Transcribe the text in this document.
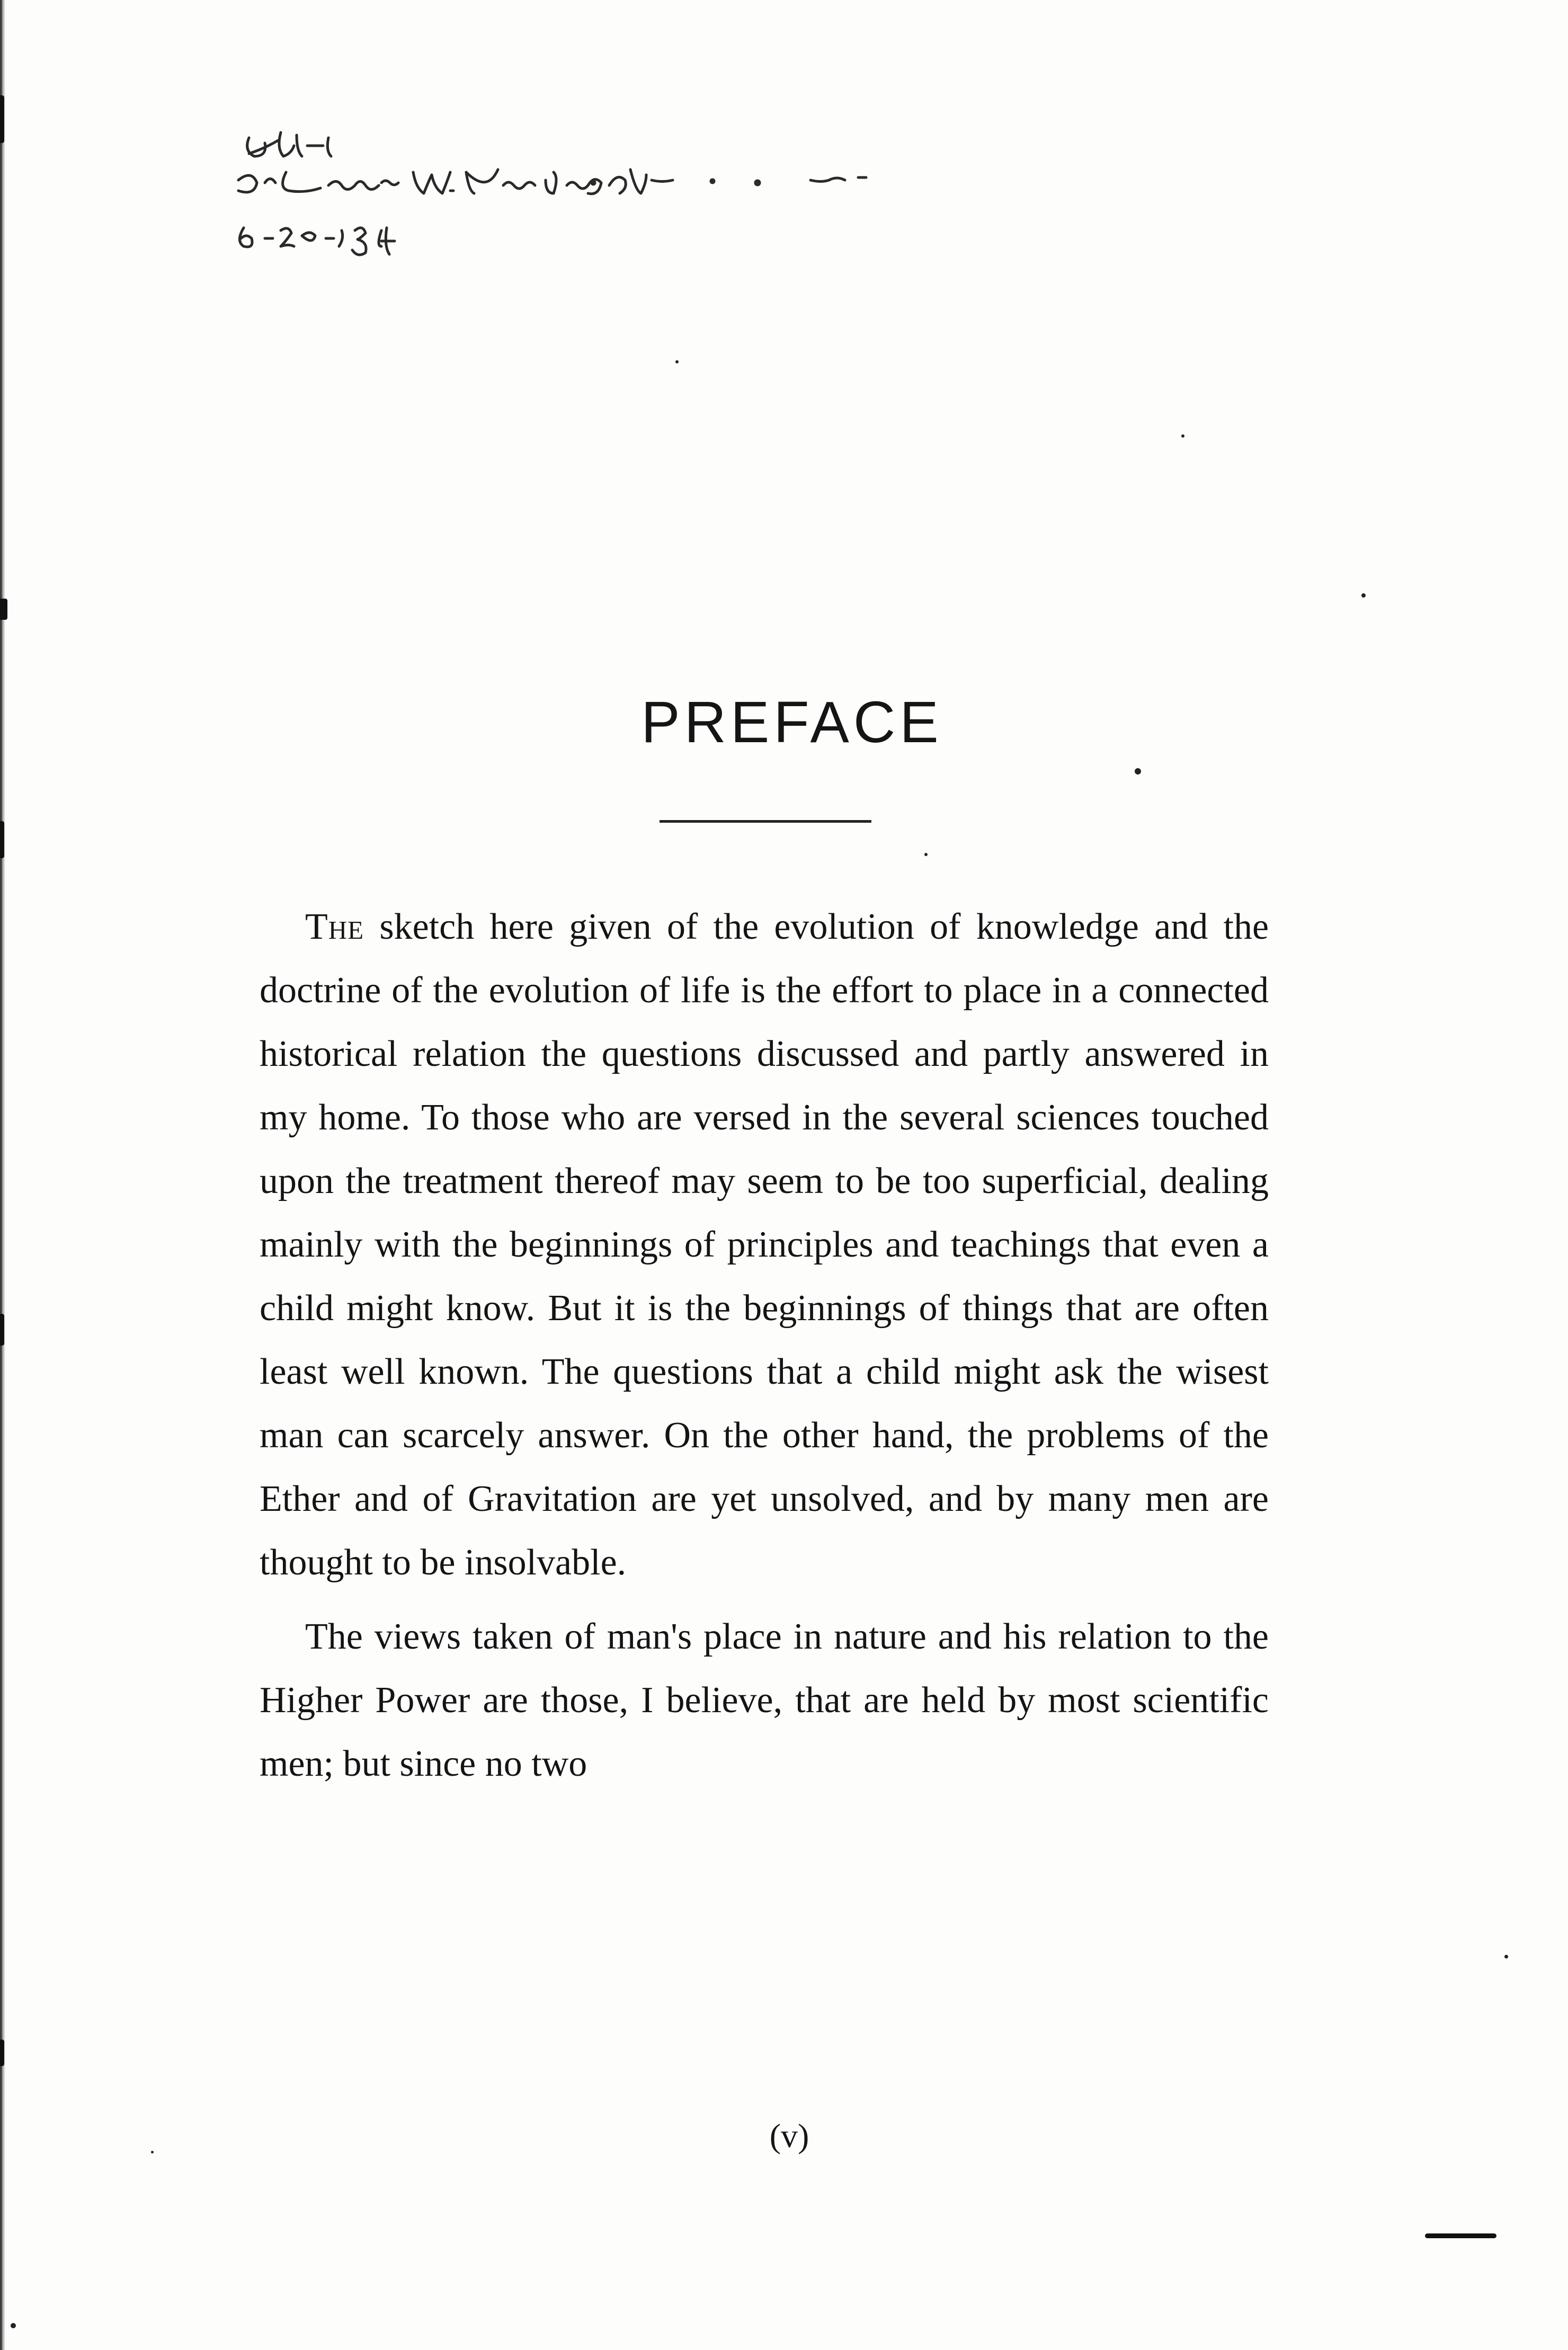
PREFACE

The sketch here given of the evolution of knowledge and the doctrine of the evolution of life is the effort to place in a connected historical relation the questions discussed and partly answered in my home. To those who are versed in the several sciences touched upon the treatment thereof may seem to be too superficial, dealing mainly with the beginnings of principles and teachings that even a child might know. But it is the beginnings of things that are often least well known. The questions that a child might ask the wisest man can scarcely answer. On the other hand, the problems of the Ether and of Gravitation are yet unsolved, and by many men are thought to be insolvable.

The views taken of man's place in nature and his relation to the Higher Power are those, I believe, that are held by most scientific men; but since no two

(v)
